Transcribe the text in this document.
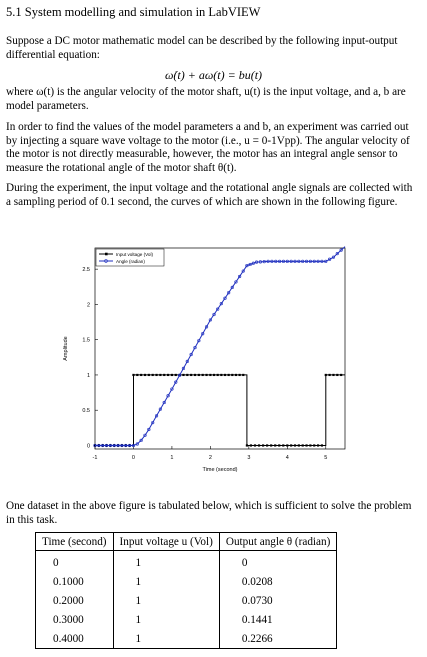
5.1 System modelling and simulation in LabVIEW

Suppose a DC motor mathematic model can be described by the following input-output differential equation:

ω̇(t) + aω(t) = bu(t)

where ω(t) is the angular velocity of the motor shaft, u(t) is the input voltage, and a, b are model parameters.

In order to find the values of the model parameters a and b, an experiment was carried out by injecting a square wave voltage to the motor (i.e., u = 0-1Vpp). The angular velocity of the motor is not directly measurable, however, the motor has an integral angle sensor to measure the rotational angle of the motor shaft θ(t).

During the experiment, the input voltage and the rotational angle signals are collected with a sampling period of 0.1 second, the curves of which are shown in the following figure.

-1	0	1	2	3	4	5
0
0.5
1
1.5
2
2.5
Time (second)
Amplitude
Input voltage (Vol)
Angle (radian)

One dataset in the above figure is tabulated below, which is sufficient to solve the problem in this task.

Time (second)	Input voltage u (Vol)	Output angle θ (radian)
0	1	0
0.1000	1	0.0208
0.2000	1	0.0730
0.3000	1	0.1441
0.4000	1	0.2266
